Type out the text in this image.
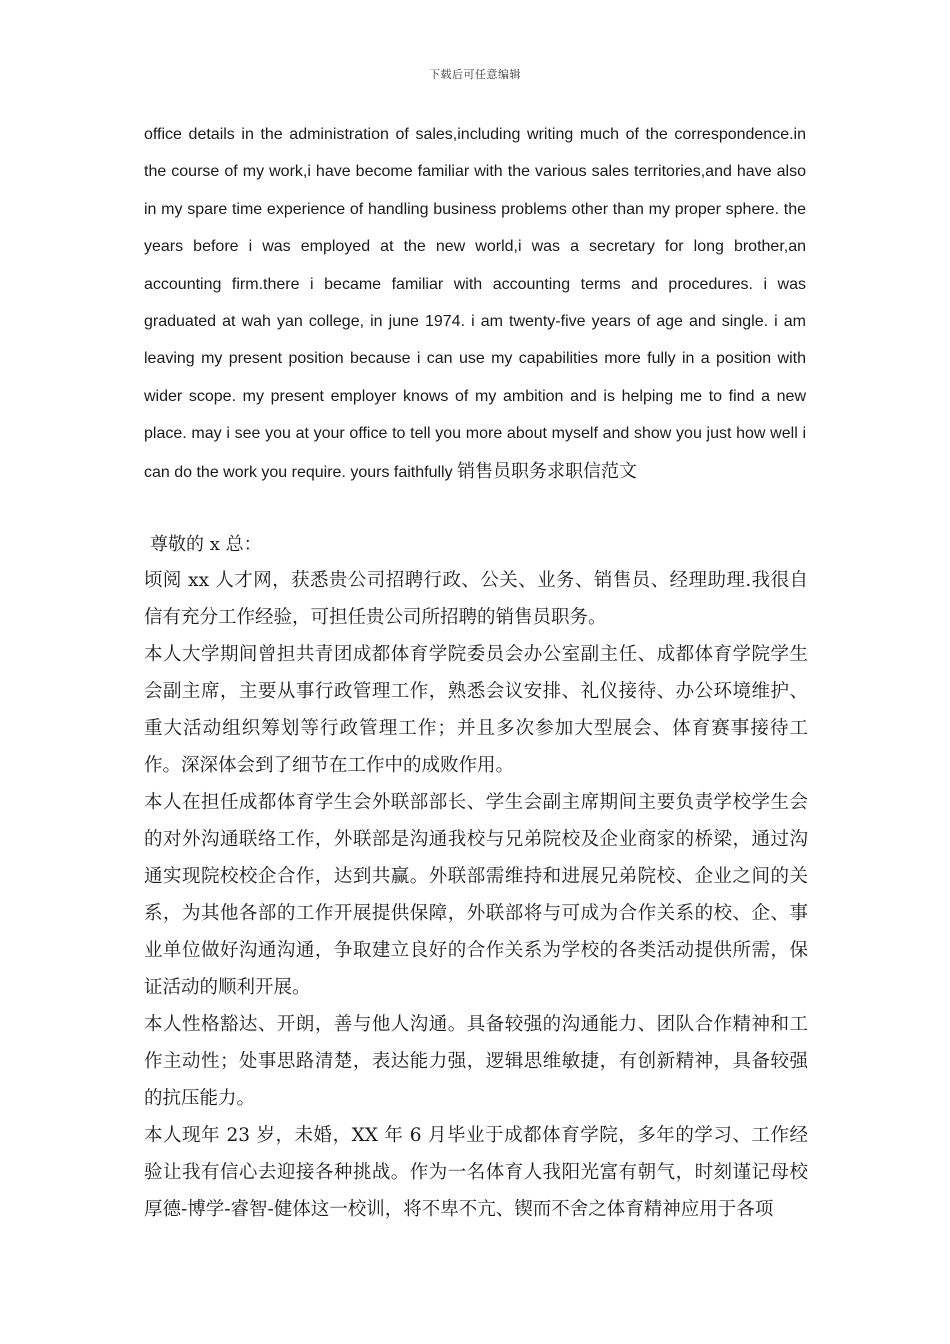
下载后可任意编辑
office details in the administration of sales,including writing much of the correspondence.in the course of my work,i have become familiar with the various sales territories,and have also in my spare time experience of handling business problems other than my proper sphere. the years before i was employed at the new world,i was a secretary for long brother,an accounting firm.there i became familiar with accounting terms and procedures. i was graduated at wah yan college, in june 1974. i am twenty-five years of age and single. i am leaving my present position because i can use my capabilities more fully in a position with wider scope. my present employer knows of my ambition and is helping me to find a new place. may i see you at your office to tell you more about myself and show you just how well i can do the work you require. yours faithfully 销售员职务求职信范文
尊敬的 x 总：

顷阅 xx 人才网，获悉贵公司招聘行政、公关、业务、销售员、经理助理.我很自信有充分工作经验，可担任贵公司所招聘的销售员职务。

本人大学期间曾担共青团成都体育学院委员会办公室副主任、成都体育学院学生会副主席，主要从事行政管理工作，熟悉会议安排、礼仪接待、办公环境维护、重大活动组织筹划等行政管理工作；并且多次参加大型展会、体育赛事接待工作。深深体会到了细节在工作中的成败作用。

本人在担任成都体育学生会外联部部长、学生会副主席期间主要负责学校学生会的对外沟通联络工作，外联部是沟通我校与兄弟院校及企业商家的桥梁，通过沟通实现院校校企合作，达到共赢。外联部需维持和进展兄弟院校、企业之间的关系，为其他各部的工作开展提供保障，外联部将与可成为合作关系的校、企、事业单位做好沟通沟通，争取建立良好的合作关系为学校的各类活动提供所需，保证活动的顺利开展。

本人性格豁达、开朗，善与他人沟通。具备较强的沟通能力、团队合作精神和工作主动性；处事思路清楚，表达能力强，逻辑思维敏捷，有创新精神，具备较强的抗压能力。

本人现年 23 岁，未婚，XX 年 6 月毕业于成都体育学院，多年的学习、工作经验让我有信心去迎接各种挑战。作为一名体育人我阳光富有朝气，时刻谨记母校厚德-博学-睿智-健体这一校训，将不卑不亢、锲而不舍之体育精神应用于各项
